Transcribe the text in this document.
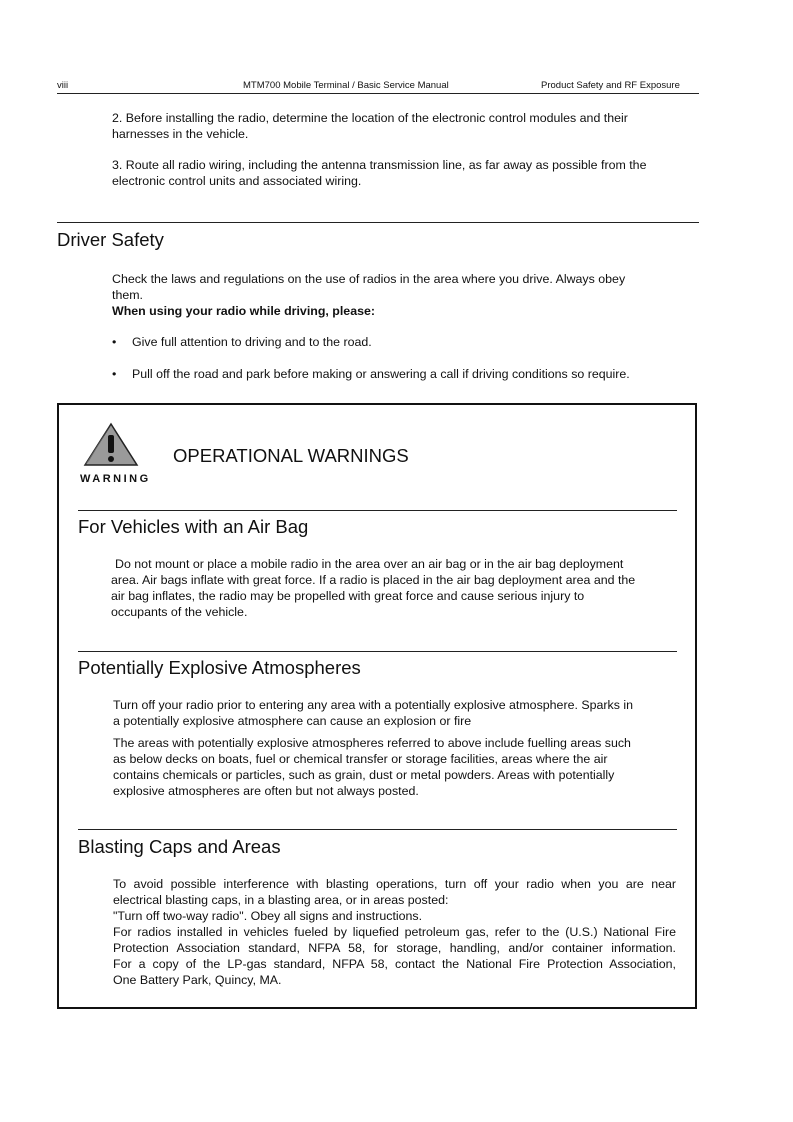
viii	MTM700 Mobile Terminal / Basic Service Manual	Product Safety and RF Exposure
2. Before installing the radio, determine the location of the electronic control modules and their
harnesses in the vehicle.
3. Route all radio wiring, including the antenna transmission line, as far away as possible from the
electronic control units and associated wiring.
Driver Safety
Check the laws and regulations on the use of radios in the area where you drive. Always obey
them.
When using your radio while driving, please:
• Give full attention to driving and to the road.
• Pull off the road and park before making or answering a call if driving conditions so require.
WARNING
OPERATIONAL WARNINGS
For Vehicles with an Air Bag
Do not mount or place a mobile radio in the area over an air bag or in the air bag deployment
area. Air bags inflate with great force. If a radio is placed in the air bag deployment area and the
air bag inflates, the radio may be propelled with great force and cause serious injury to
occupants of the vehicle.
Potentially Explosive Atmospheres
Turn off your radio prior to entering any area with a potentially explosive atmosphere. Sparks in
a potentially explosive atmosphere can cause an explosion or fire
The areas with potentially explosive atmospheres referred to above include fuelling areas such
as below decks on boats, fuel or chemical transfer or storage facilities, areas where the air
contains chemicals or particles, such as grain, dust or metal powders. Areas with potentially
explosive atmospheres are often but not always posted.
Blasting Caps and Areas
To avoid possible interference with blasting operations, turn off your radio when you are near
electrical blasting caps, in a blasting area, or in areas posted:
"Turn off two-way radio". Obey all signs and instructions.
For radios installed in vehicles fueled by liquefied petroleum gas, refer to the (U.S.) National Fire
Protection Association standard, NFPA 58, for storage, handling, and/or container information.
For a copy of the LP-gas standard, NFPA 58, contact the National Fire Protection Association,
One Battery Park, Quincy, MA.
